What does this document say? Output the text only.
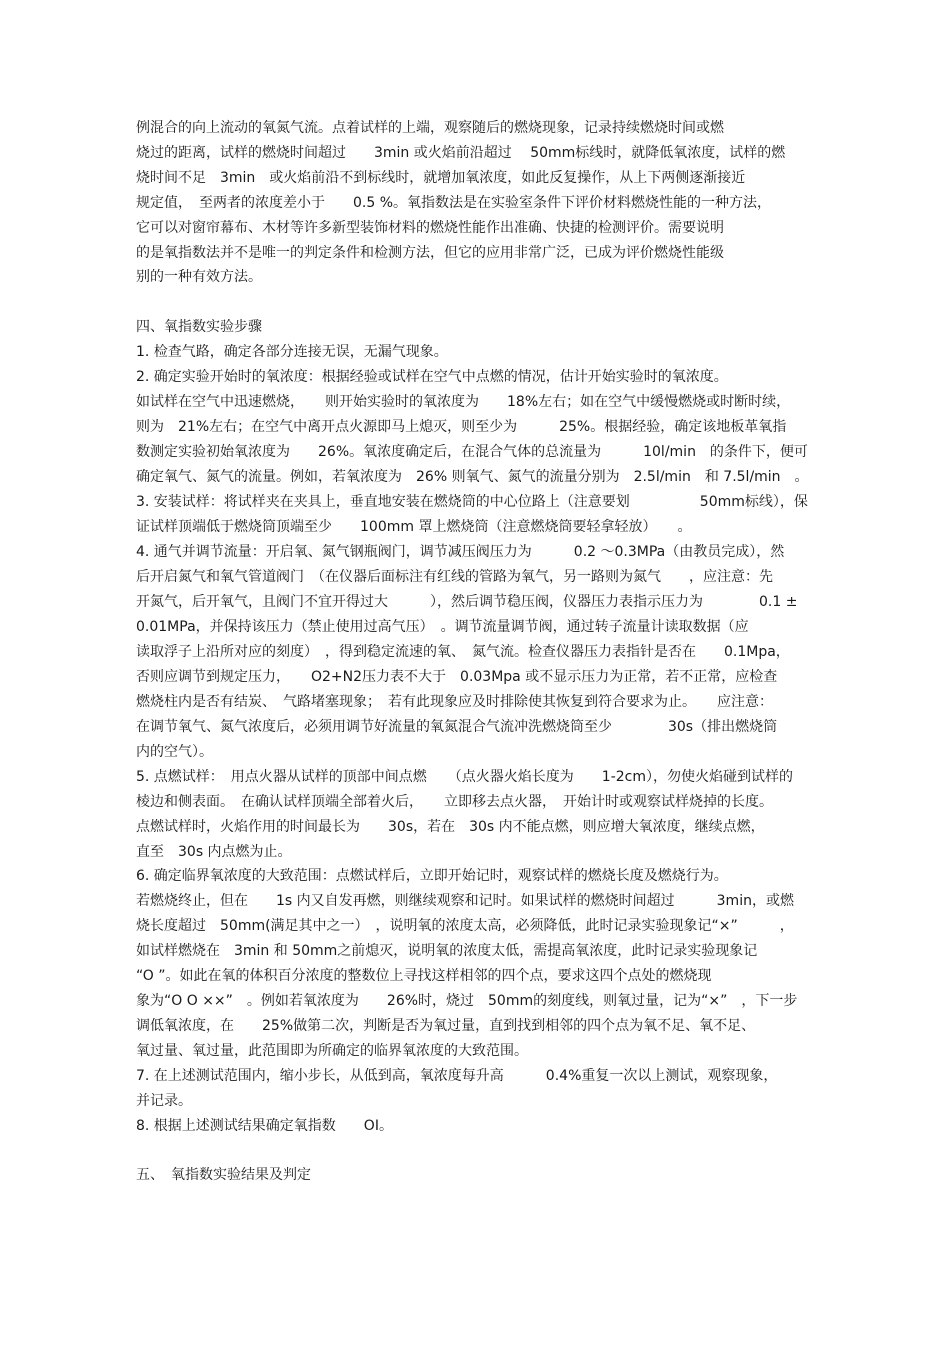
例混合的向上流动的氧氮气流。点着试样的上端，观察随后的燃烧现象，记录持续燃烧时间或燃
烧过的距离，试样的燃烧时间超过　　3min 或火焰前沿超过　 50mm标线时，就降低氧浓度，试样的燃
烧时间不足　3min　或火焰前沿不到标线时，就增加氧浓度，如此反复操作，从上下两侧逐渐接近
规定值，　至两者的浓度差小于　　0.5 %。氧指数法是在实验室条件下评价材料燃烧性能的一种方法，
它可以对窗帘幕布、木材等许多新型装饰材料的燃烧性能作出准确、快捷的检测评价。需要说明
的是氧指数法并不是唯一的判定条件和检测方法，但它的应用非常广泛，已成为评价燃烧性能级
别的一种有效方法。
四、氧指数实验步骤
1. 检查气路，确定各部分连接无误，无漏气现象。
2. 确定实验开始时的氧浓度：根据经验或试样在空气中点燃的情况，估计开始实验时的氧浓度。
如试样在空气中迅速燃烧，　　则开始实验时的氧浓度为　　18%左右；如在空气中缓慢燃烧或时断时续，
则为　21%左右；在空气中离开点火源即马上熄灭，则至少为　　　25%。根据经验，确定该地板革氧指
数测定实验初始氧浓度为　　26%。氧浓度确定后，在混合气体的总流量为　　　10l/min　的条件下，便可
确定氧气、氮气的流量。例如，若氧浓度为　26% 则氧气、氮气的流量分别为　2.5l/min　和 7.5l/min　。
3. 安装试样：将试样夹在夹具上，垂直地安装在燃烧筒的中心位路上（注意要划　　　　　50mm标线），保
证试样顶端低于燃烧筒顶端至少　　100mm 罩上燃烧筒（注意燃烧筒要轻拿轻放）　　。
4. 通气并调节流量：开启氧、氮气钢瓶阀门，调节减压阀压力为　　　0.2 ～0.3MPa（由教员完成），然
后开启氮气和氧气管道阀门　（在仪器后面标注有红线的管路为氧气，另一路则为氮气　　，应注意：先
开氮气，后开氧气，且阀门不宜开得过大　　　），然后调节稳压阀，仪器压力表指示压力为　　　　0.1 ±
0.01MPa，并保持该压力（禁止使用过高气压）　。调节流量调节阀，通过转子流量计读取数据（应
读取浮子上沿所对应的刻度）　，得到稳定流速的氧、　氮气流。检查仪器压力表指针是否在　　0.1Mpa，
否则应调节到规定压力，　　O2+N2压力表不大于　0.03Mpa 或不显示压力为正常，若不正常，应检查
燃烧柱内是否有结炭、　气路堵塞现象；　若有此现象应及时排除使其恢复到符合要求为止。　　应注意：
在调节氧气、氮气浓度后，必须用调节好流量的氧氮混合气流冲洗燃烧筒至少　　　　30s（排出燃烧筒
内的空气）。
5. 点燃试样：　用点火器从试样的顶部中间点燃　　（点火器火焰长度为　　1-2cm），勿使火焰碰到试样的
棱边和侧表面。　在确认试样顶端全部着火后，　　立即移去点火器，　开始计时或观察试样烧掉的长度。
点燃试样时，火焰作用的时间最长为　　30s，若在　30s 内不能点燃，则应增大氧浓度，继续点燃，
直至　30s 内点燃为止。
6. 确定临界氧浓度的大致范围：点燃试样后，立即开始记时，观察试样的燃烧长度及燃烧行为。
若燃烧终止，但在　　1s 内又自发再燃，则继续观察和记时。如果试样的燃烧时间超过　　　3min，或燃
烧长度超过　50mm(满足其中之一）　，说明氧的浓度太高，必须降低，此时记录实验现象记“×”　　　，
如试样燃烧在　3min 和 50mm之前熄灭，说明氧的浓度太低，需提高氧浓度，此时记录实验现象记
“O ”。如此在氧的体积百分浓度的整数位上寻找这样相邻的四个点，要求这四个点处的燃烧现
象为“O O ××”　。例如若氧浓度为　　26%时，烧过　50mm的刻度线，则氧过量，记为“×”　，下一步
调低氧浓度，在　　25%做第二次，判断是否为氧过量，直到找到相邻的四个点为氧不足、氧不足、
氧过量、氧过量，此范围即为所确定的临界氧浓度的大致范围。
7. 在上述测试范围内，缩小步长，从低到高，氧浓度每升高　　　0.4%重复一次以上测试，观察现象，
并记录。
8. 根据上述测试结果确定氧指数　　OI。
五、　氧指数实验结果及判定
